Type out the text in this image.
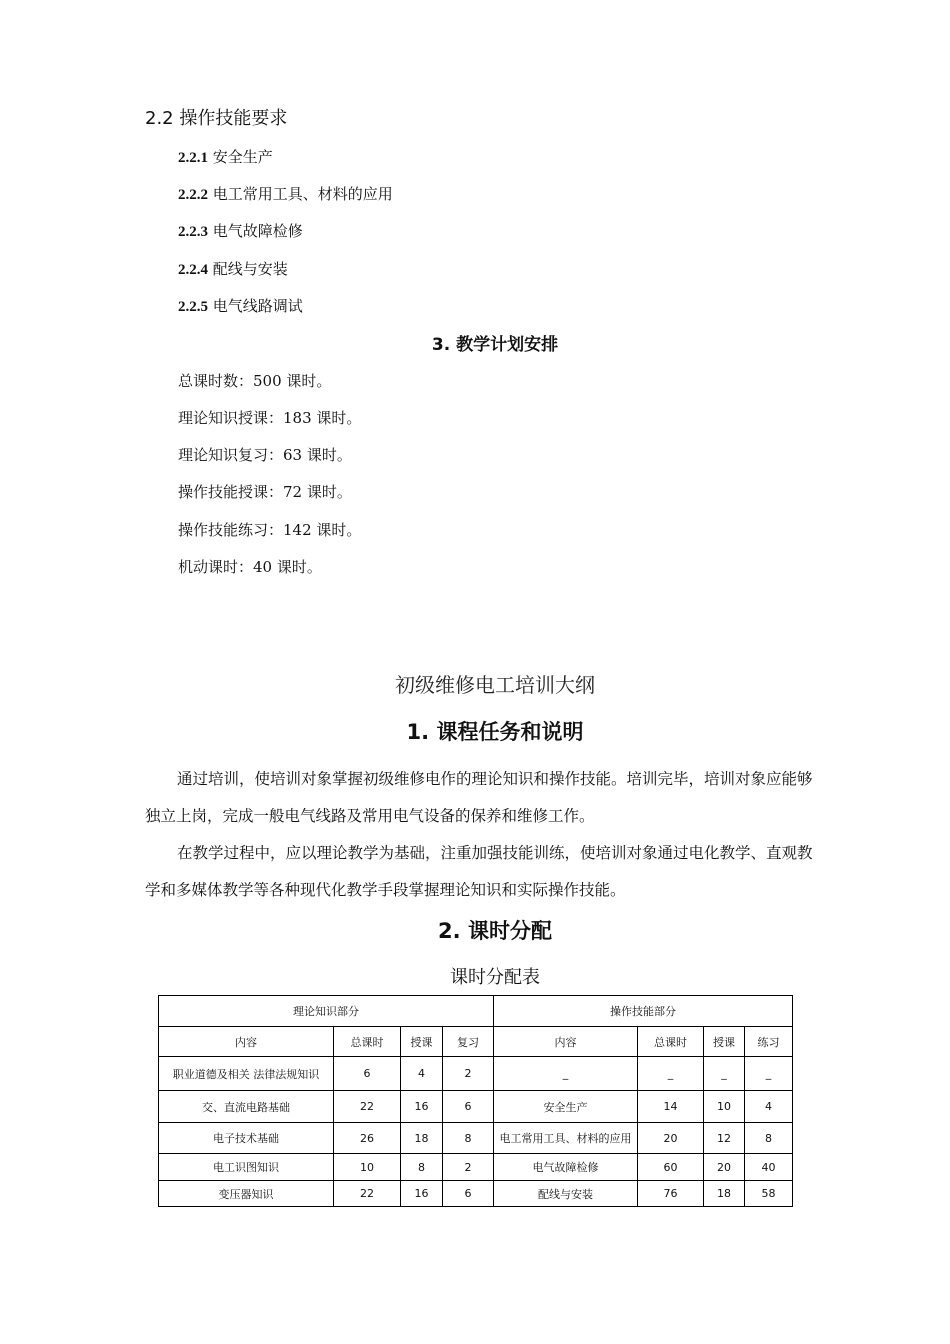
2.2 操作技能要求
2.2.1 安全生产
2.2.2 电工常用工具、材料的应用
2.2.3 电气故障检修
2.2.4 配线与安装
2.2.5 电气线路调试
3. 教学计划安排
总课时数：500 课时。
理论知识授课：183 课时。
理论知识复习：63 课时。
操作技能授课：72 课时。
操作技能练习：142 课时。
机动课时：40 课时。
初级维修电工培训大纲
1. 课程任务和说明
通过培训，使培训对象掌握初级维修电作的理论知识和操作技能。培训完毕，培训对象应能够独立上岗，完成一般电气线路及常用电气设备的保养和维修工作。
在教学过程中，应以理论教学为基础，注重加强技能训练，使培训对象通过电化教学、直观教学和多媒体教学等各种现代化教学手段掌握理论知识和实际操作技能。
2. 课时分配
课时分配表
理论知识部分				操作技能部分			
内容	总课时	授课	复习	内容	总课时	授课	练习
职业道德及相关 法律法规知识	6	4	2	_	_	_	_
交、直流电路基础	22	16	6	安全生产	14	10	4
电子技术基础	26	18	8	电工常用工具、材料的应用	20	12	8
电工识图知识	10	8	2	电气故障检修	60	20	40
变压器知识	22	16	6	配线与安装	76	18	58
